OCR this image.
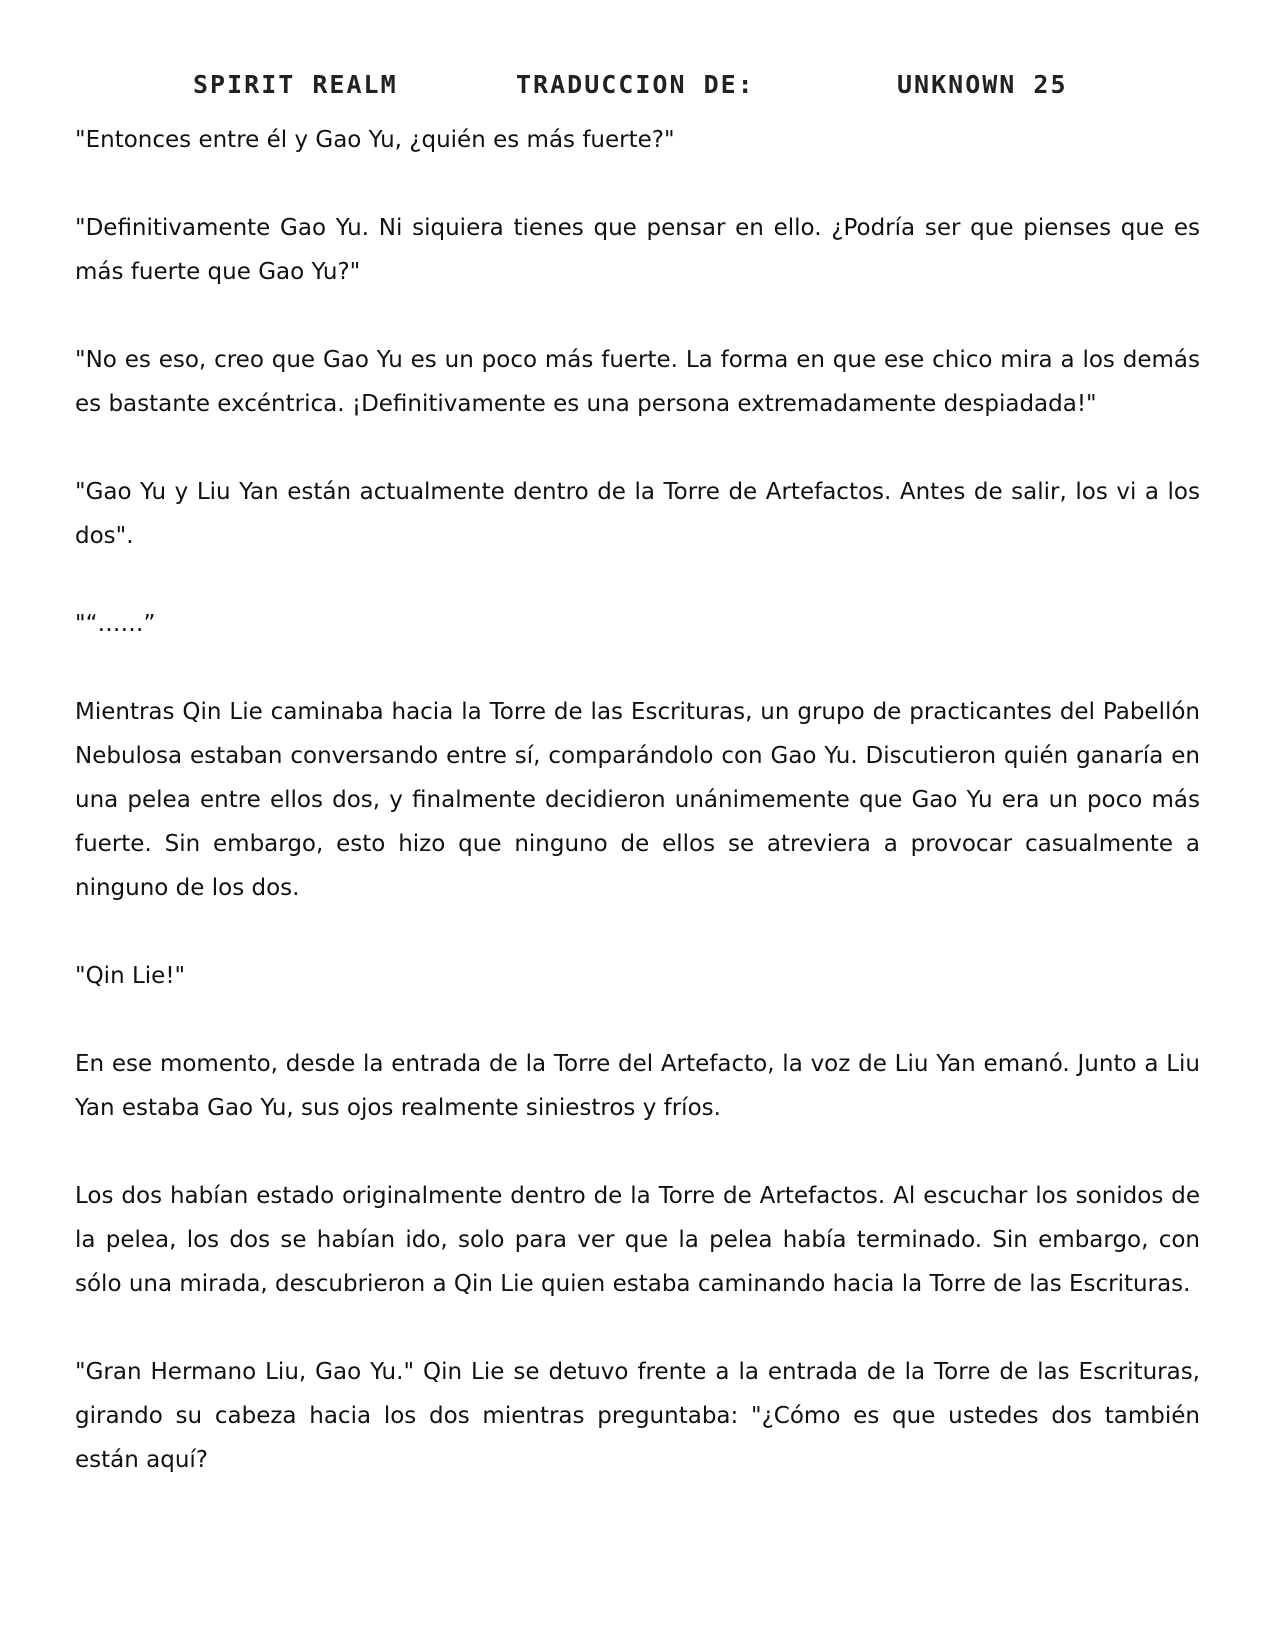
SPIRIT REALM	TRADUCCION DE:	UNKNOWN 25

"Entonces entre él y Gao Yu, ¿quién es más fuerte?"

"Definitivamente Gao Yu. Ni siquiera tienes que pensar en ello. ¿Podría ser que pienses que es más fuerte que Gao Yu?"

"No es eso, creo que Gao Yu es un poco más fuerte. La forma en que ese chico mira a los demás es bastante excéntrica. ¡Definitivamente es una persona extremadamente despiadada!"

"Gao Yu y Liu Yan están actualmente dentro de la Torre de Artefactos. Antes de salir, los vi a los dos".

"“……”

Mientras Qin Lie caminaba hacia la Torre de las Escrituras, un grupo de practicantes del Pabellón Nebulosa estaban conversando entre sí, comparándolo con Gao Yu. Discutieron quién ganaría en una pelea entre ellos dos, y finalmente decidieron unánimemente que Gao Yu era un poco más fuerte. Sin embargo, esto hizo que ninguno de ellos se atreviera a provocar casualmente a ninguno de los dos.

"Qin Lie!"

En ese momento, desde la entrada de la Torre del Artefacto, la voz de Liu Yan emanó. Junto a Liu Yan estaba Gao Yu, sus ojos realmente siniestros y fríos.

Los dos habían estado originalmente dentro de la Torre de Artefactos. Al escuchar los sonidos de la pelea, los dos se habían ido, solo para ver que la pelea había terminado. Sin embargo, con sólo una mirada, descubrieron a Qin Lie quien estaba caminando hacia la Torre de las Escrituras.

"Gran Hermano Liu, Gao Yu." Qin Lie se detuvo frente a la entrada de la Torre de las Escrituras, girando su cabeza hacia los dos mientras preguntaba: "¿Cómo es que ustedes dos también están aquí?
